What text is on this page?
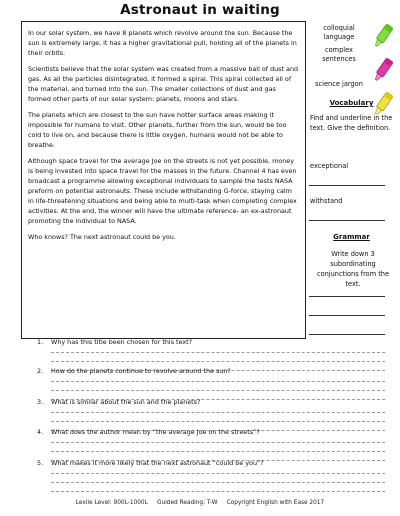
Astronaut in waiting

In our solar system, we have 8 planets which revolve around the sun. Because the sun is extremely large, it has a higher gravitational pull, holding all of the planets in their orbits.

Scientists believe that the solar system was created from a massive ball of dust and gas. As all the particles disintegrated, it formed a spiral. This spiral collected all of the material, and turned into the sun. The smaller collections of dust and gas formed other parts of our solar system: planets, moons and stars.

The planets which are closest to the sun have hotter surface areas making it impossible for humans to visit. Other planets, further from the sun, would be too cold to live on, and because there is little oxygen, humans would not be able to breathe.

Although space travel for the average Joe on the streets is not yet possible, money is being invested into space travel for the masses in the future. Channel 4 has even broadcast a programme allowing exceptional individuals to sample the tests NASA preform on potential astronauts. These include withstanding G-force, staying calm in life-threatening situations and being able to multi-task when completing complex activities. At the end, the winner will have the ultimate reference- an ex-astronaut promoting the individual to NASA.

Who knows? The next astronaut could be you.

colloquial language
complex sentences
science jargon
Vocabulary
Find and underline in the text. Give the definition.
exceptional
withstand
Grammar
Write down 3 subordinating conjunctions from the text.
1. Why has this title been chosen for this text?
2. How do the planets continue to revolve around the sun?
3. What is similar about the sun and the planets?
4. What does the author mean by “the average Joe on the streets”?
5. What makes it more likely that the next astronaut “could be you”?
Lexile Level: 900L-1000L     Guided Reading: T-W     Copyright English with Ease 2017
